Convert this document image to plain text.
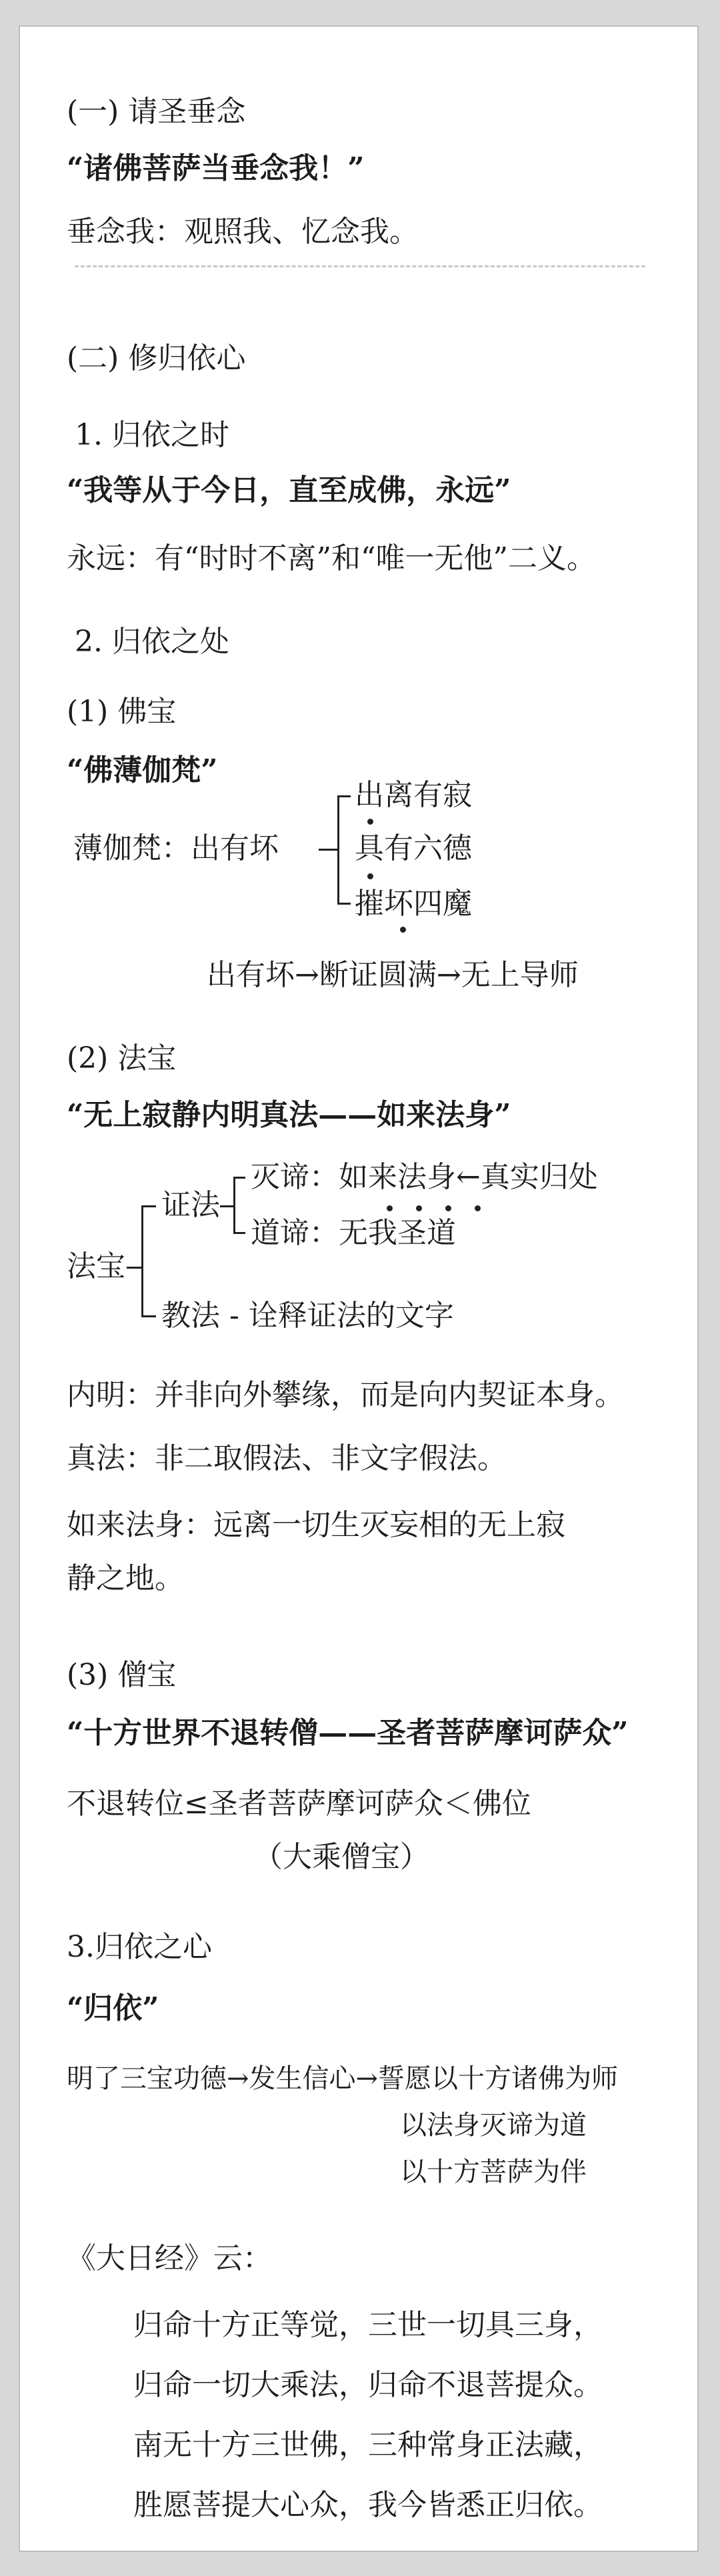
(一) 请圣垂念
“诸佛菩萨当垂念我！”
垂念我：观照我、忆念我。
(二) 修归依心
1. 归依之时
“我等从于今日，直至成佛，永远”
永远：有“时时不离”和“唯一无他”二义。
2. 归依之处
(1) 佛宝
“佛薄伽梵”
薄伽梵：出有坏
出离有寂
具有六德
摧坏四魔
出有坏→断证圆满→无上导师
(2) 法宝
“无上寂静内明真法——如来法身”
法宝
证法
灭谛：如来法身←真实归处
道谛：无我圣道
教法 - 诠释证法的文字
内明：并非向外攀缘，而是向内契证本身。
真法：非二取假法、非文字假法。
如来法身：远离一切生灭妄相的无上寂
静之地。
(3) 僧宝
“十方世界不退转僧——圣者菩萨摩诃萨众”
不退转位≤圣者菩萨摩诃萨众＜佛位
（大乘僧宝）
3.归依之心
“归依”
明了三宝功德→发生信心→誓愿以十方诸佛为师
以法身灭谛为道
以十方菩萨为伴
《大日经》云：
归命十方正等觉，三世一切具三身，
归命一切大乘法，归命不退菩提众。
南无十方三世佛，三种常身正法藏，
胜愿菩提大心众，我今皆悉正归依。
